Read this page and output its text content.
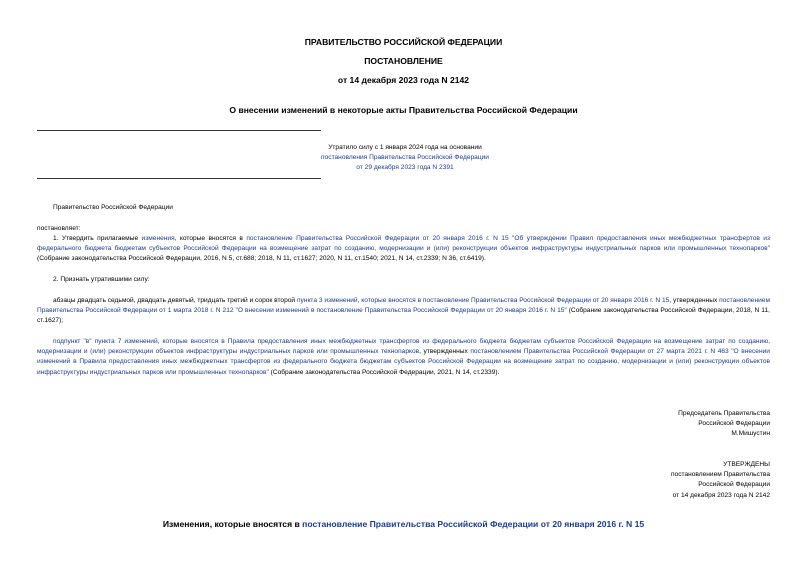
ПРАВИТЕЛЬСТВО РОССИЙСКОЙ ФЕДЕРАЦИИ
ПОСТАНОВЛЕНИЕ
от 14 декабря 2023 года N 2142
О внесении изменений в некоторые акты Правительства Российской Федерации
Утратило силу с 1 января 2024 года на основании
постановления Правительства Российской Федерации
от 29 декабря 2023 года N 2391
Правительство Российской Федерации
постановляет:
1. Утвердить прилагаемые изменения, которые вносятся в постановление Правительства Российской Федерации от 20 января 2016 г. N 15 "Об утверждении Правил предоставления иных межбюджетных трансфертов из федерального бюджета бюджетам субъектов Российской Федерации на возмещение затрат по созданию, модернизации и (или) реконструкции объектов инфраструктуры индустриальных парков или промышленных технопарков" (Собрание законодательства Российской Федерации, 2016, N 5, ст.688; 2018, N 11, ст.1627; 2020, N 11, ст.1540; 2021, N 14, ст.2339; N 36, ст.6419).
2. Признать утратившими силу:
абзацы двадцать седьмой, двадцать девятый, тридцать третий и сорок второй пункта 3 изменений, которые вносятся в постановление Правительства Российской Федерации от 20 января 2016 г. N 15, утвержденных постановлением Правительства Российской Федерации от 1 марта 2018 г. N 212 "О внесении изменений в постановление Правительства Российской Федерации от 20 января 2016 г. N 15" (Собрание законодательства Российской Федерации, 2018, N 11, ст.1627);
подпункт "в" пункта 7 изменений, которые вносятся в Правила предоставления иных межбюджетных трансфертов из федерального бюджета бюджетам субъектов Российской Федерации на возмещение затрат по созданию, модернизации и (или) реконструкции объектов инфраструктуры индустриальных парков или промышленных технопарков, утвержденных постановлением Правительства Российской Федерации от 27 марта 2021 г. N 463 "О внесении изменений в Правила предоставления иных межбюджетных трансфертов из федерального бюджета бюджетам субъектов Российской Федерации на возмещение затрат по созданию, модернизации и (или) реконструкции объектов инфраструктуры индустриальных парков или промышленных технопарков" (Собрание законодательства Российской Федерации, 2021, N 14, ст.2339).
Председатель Правительства
Российской Федерации
М.Мишустин
УТВЕРЖДЕНЫ
постановлением Правительства
Российской Федерации
от 14 декабря 2023 года N 2142
Изменения, которые вносятся в постановление Правительства Российской Федерации от 20 января 2016 г. N 15
